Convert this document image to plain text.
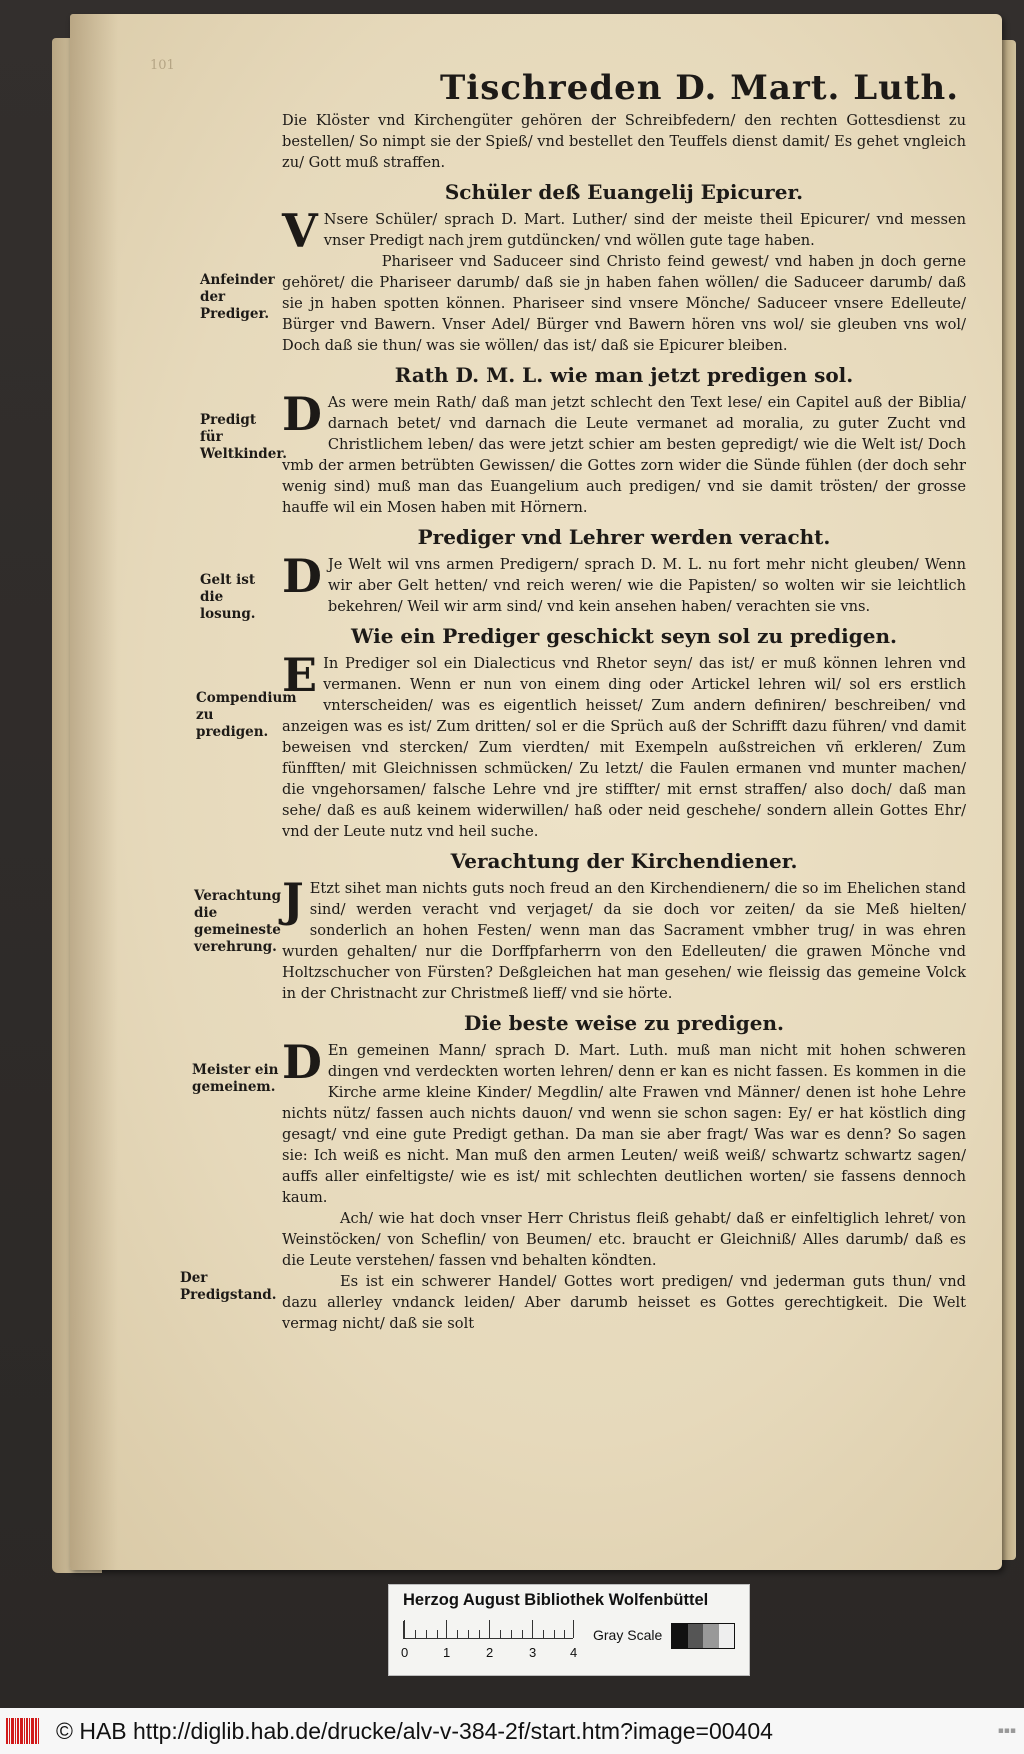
101
Tischreden D. Mart. Luth.

Die Klöster vnd Kirchengüter gehören der Schreibfedern/ den rechten Gottesdienst zu bestellen/ So nimpt sie der Spieß/ vnd bestellet den Teuffels dienst damit/ Es gehet vngleich zu/ Gott muß straffen.

Schüler deß Euangelij Epicurer.

V Nsere Schüler/ sprach D. Mart. Luther/ sind der meiste theil Epicurer/ vnd messen vnser Predigt nach jrem gutdüncken/ vnd wöllen gute tage haben.

Phariseer vnd Saduceer sind Christo feind gewest/ vnd haben jn doch gerne gehöret/ die Phariseer darumb/ daß sie jn haben fahen wöllen/ die Saduceer darumb/ daß sie jn haben spotten können. Phariseer sind vnsere Mönche/ Saduceer vnsere Edelleute/ Bürger vnd Bawern. Vnser Adel/ Bürger vnd Bawern hören vns wol/ sie gleuben vns wol/ Doch daß sie thun/ was sie wöllen/ das ist/ daß sie Epicurer bleiben.

Rath D. M. L. wie man jetzt predigen sol.

D As were mein Rath/ daß man jetzt schlecht den Text lese/ ein Capitel auß der Biblia/ darnach betet/ vnd darnach die Leute vermanet ad moralia, zu guter Zucht vnd Christlichem leben/ das were jetzt schier am besten gepredigt/ wie die Welt ist/ Doch vmb der armen betrübten Gewissen/ die Gottes zorn wider die Sünde fühlen (der doch sehr wenig sind) muß man das Euangelium auch predigen/ vnd sie damit trösten/ der grosse hauffe wil ein Mosen haben mit Hörnern.

Prediger vnd Lehrer werden veracht.

D Je Welt wil vns armen Predigern/ sprach D. M. L. nu fort mehr nicht gleuben/ Wenn wir aber Gelt hetten/ vnd reich weren/ wie die Papisten/ so wolten wir sie leichtlich bekehren/ Weil wir arm sind/ vnd kein ansehen haben/ verachten sie vns.

Wie ein Prediger geschickt seyn sol zu predigen.

E In Prediger sol ein Dialecticus vnd Rhetor seyn/ das ist/ er muß können lehren vnd vermanen. Wenn er nun von einem ding oder Artickel lehren wil/ sol ers erstlich vnterscheiden/ was es eigentlich heisset/ Zum andern definiren/ beschreiben/ vnd anzeigen was es ist/ Zum dritten/ sol er die Sprüch auß der Schrifft dazu führen/ vnd damit beweisen vnd stercken/ Zum vierdten/ mit Exempeln außstreichen vñ erkleren/ Zum fünfften/ mit Gleichnissen schmücken/ Zu letzt/ die Faulen ermanen vnd munter machen/ die vngehorsamen/ falsche Lehre vnd jre stiffter/ mit ernst straffen/ also doch/ daß man sehe/ daß es auß keinem widerwillen/ haß oder neid geschehe/ sondern allein Gottes Ehr/ vnd der Leute nutz vnd heil suche.

Verachtung der Kirchendiener.

J Etzt sihet man nichts guts noch freud an den Kirchendienern/ die so im Ehelichen stand sind/ werden veracht vnd verjaget/ da sie doch vor zeiten/ da sie Meß hielten/ sonderlich an hohen Festen/ wenn man das Sacrament vmbher trug/ in was ehren wurden gehalten/ nur die Dorffpfarherrn von den Edelleuten/ die grawen Mönche vnd Holtzschucher von Fürsten? Deßgleichen hat man gesehen/ wie fleissig das gemeine Volck in der Christnacht zur Christmeß lieff/ vnd sie hörte.

Die beste weise zu predigen.

D En gemeinen Mann/ sprach D. Mart. Luth. muß man nicht mit hohen schweren dingen vnd verdeckten worten lehren/ denn er kan es nicht fassen. Es kommen in die Kirche arme kleine Kinder/ Megdlin/ alte Frawen vnd Männer/ denen ist hohe Lehre nichts nütz/ fassen auch nichts dauon/ vnd wenn sie schon sagen: Ey/ er hat köstlich ding gesagt/ vnd eine gute Predigt gethan. Da man sie aber fragt/ Was war es denn? So sagen sie: Ich weiß es nicht. Man muß den armen Leuten/ weiß weiß/ schwartz schwartz sagen/ auffs aller einfeltigste/ wie es ist/ mit schlechten deutlichen worten/ sie fassens dennoch kaum.

Ach/ wie hat doch vnser Herr Christus fleiß gehabt/ daß er einfeltiglich lehret/ von Weinstöcken/ von Scheflin/ von Beumen/ etc. braucht er Gleichniß/ Alles darumb/ daß es die Leute verstehen/ fassen vnd behalten köndten.

Es ist ein schwerer Handel/ Gottes wort predigen/ vnd jederman guts thun/ vnd dazu allerley vndanck leiden/ Aber darumb heisset es Gottes gerechtigkeit. Die Welt vermag nicht/ daß sie solt

Anfeinder der Prediger.
Predigt für Weltkinder.
Gelt ist die losung.
Compendium zu predigen.
Verachtung die gemeineste verehrung.
Meister ein gemeinem.
Der Predigstand.
Herzog August Bibliothek Wolfenbüttel
0	1	2	3	4
Gray Scale
© HAB http://diglib.hab.de/drucke/alv-v-384-2f/start.htm?image=00404	▪▪▪
